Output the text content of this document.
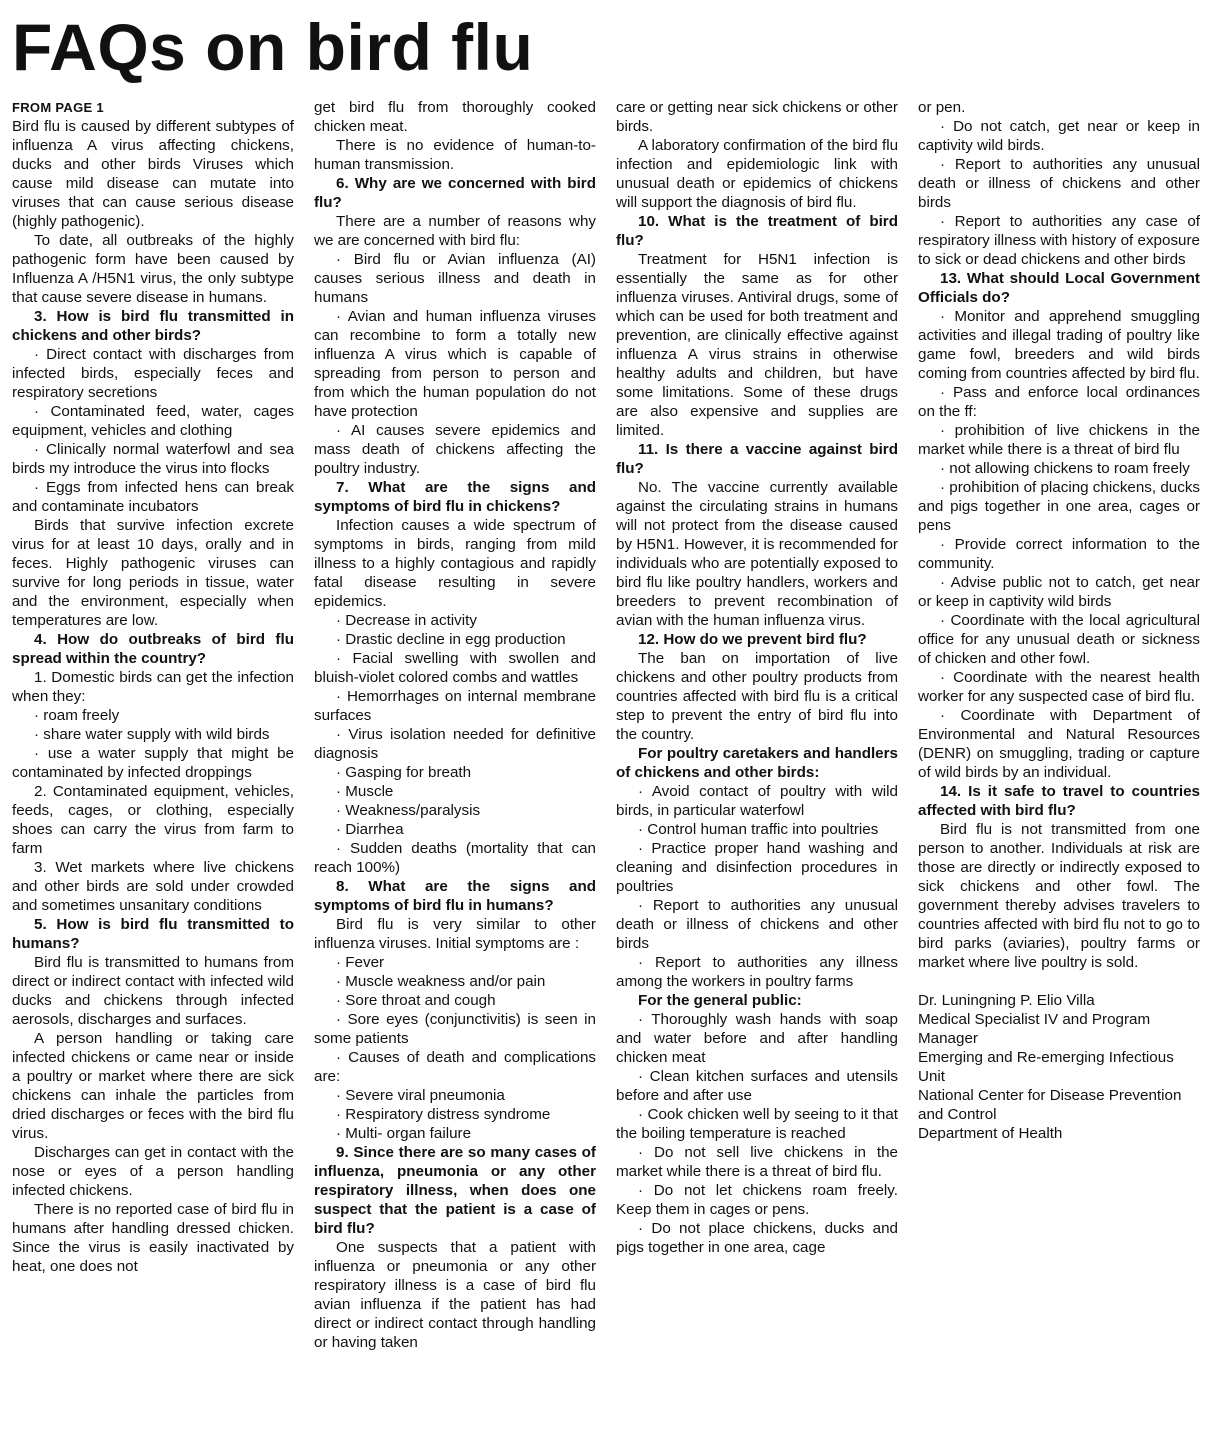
FAQs on bird flu

FROM PAGE 1

Bird flu is caused by different subtypes of influenza A virus affecting chickens, ducks and other birds Viruses which cause mild disease can mutate into viruses that can cause serious disease (highly pathogenic).

To date, all outbreaks of the highly pathogenic form have been caused by Influenza A /H5N1 virus, the only subtype that cause severe disease in humans.

3. How is bird flu transmitted in chickens and other birds?

· Direct contact with discharges from infected birds, especially feces and respiratory secretions

· Contaminated feed, water, cages equipment, vehicles and clothing

· Clinically normal waterfowl and sea birds my introduce the virus into flocks

· Eggs from infected hens can break and contaminate incubators

Birds that survive infection excrete virus for at least 10 days, orally and in feces. Highly pathogenic viruses can survive for long periods in tissue, water and the environment, especially when temperatures are low.

4. How do outbreaks of bird flu spread within the country?

1. Domestic birds can get the infection when they:

· roam freely

· share water supply with wild birds

· use a water supply that might be contaminated by infected droppings

2. Contaminated equipment, vehicles, feeds, cages, or clothing, especially shoes can carry the virus from farm to farm

3. Wet markets where live chickens and other birds are sold under crowded and sometimes unsanitary conditions

5. How is bird flu transmitted to humans?

Bird flu is transmitted to humans from direct or indirect contact with infected wild ducks and chickens through infected aerosols, discharges and surfaces.

A person handling or taking care infected chickens or came near or inside a poultry or market where there are sick chickens can inhale the particles from dried discharges or feces with the bird flu virus.

Discharges can get in contact with the nose or eyes of a person handling infected chickens.

There is no reported case of bird flu in humans after handling dressed chicken. Since the virus is easily inactivated by heat, one does not

get bird flu from thoroughly cooked chicken meat.

There is no evidence of human-to-human transmission.

6. Why are we concerned with bird flu?

There are a number of reasons why we are concerned with bird flu:

· Bird flu or Avian influenza (AI) causes serious illness and death in humans

· Avian and human influenza viruses can recombine to form a totally new influenza A virus which is capable of spreading from person to person and from which the human population do not have protection

· AI causes severe epidemics and mass death of chickens affecting the poultry industry.

7. What are the signs and symptoms of bird flu in chickens?

Infection causes a wide spectrum of symptoms in birds, ranging from mild illness to a highly contagious and rapidly fatal disease resulting in severe epidemics.

· Decrease in activity

· Drastic decline in egg production

· Facial swelling with swollen and bluish-violet colored combs and wattles

· Hemorrhages on internal membrane surfaces

· Virus isolation needed for definitive diagnosis

· Gasping for breath

· Muscle

· Weakness/paralysis

· Diarrhea

· Sudden deaths (mortality that can reach 100%)

8. What are the signs and symptoms of bird flu in humans?

Bird flu is very similar to other influenza viruses. Initial symptoms are :

· Fever

· Muscle weakness and/or pain

· Sore throat and cough

· Sore eyes (conjunctivitis) is seen in some patients

· Causes of death and complications are:

· Severe viral pneumonia

· Respiratory distress syndrome

· Multi- organ failure

9. Since there are so many cases of influenza, pneumonia or any other respiratory illness, when does one suspect that the patient is a case of bird flu?

One suspects that a patient with influenza or pneumonia or any other respiratory illness is a case of bird flu avian influenza if the patient has had direct or indirect contact through handling or having taken

care or getting near sick chickens or other birds.

A laboratory confirmation of the bird flu infection and epidemiologic link with unusual death or epidemics of chickens will support the diagnosis of bird flu.

10. What is the treatment of bird flu?

Treatment for H5N1 infection is essentially the same as for other influenza viruses. Antiviral drugs, some of which can be used for both treatment and prevention, are clinically effective against influenza A virus strains in otherwise healthy adults and children, but have some limitations. Some of these drugs are also expensive and supplies are limited.

11. Is there a vaccine against bird flu?

No. The vaccine currently available against the circulating strains in humans will not protect from the disease caused by H5N1. However, it is recommended for individuals who are potentially exposed to bird flu like poultry handlers, workers and breeders to prevent recombination of avian with the human influenza virus.

12. How do we prevent bird flu?

The ban on importation of live chickens and other poultry products from countries affected with bird flu is a critical step to prevent the entry of bird flu into the country.

For poultry caretakers and handlers of chickens and other birds:

· Avoid contact of poultry with wild birds, in particular waterfowl

· Control human traffic into poultries

· Practice proper hand washing and cleaning and disinfection procedures in poultries

· Report to authorities any unusual death or illness of chickens and other birds

· Report to authorities any illness among the workers in poultry farms

For the general public:

· Thoroughly wash hands with soap and water before and after handling chicken meat

· Clean kitchen surfaces and utensils before and after use

· Cook chicken well by seeing to it that the boiling temperature is reached

· Do not sell live chickens in the market while there is a threat of bird flu.

· Do not let chickens roam freely. Keep them in cages or pens.

· Do not place chickens, ducks and pigs together in one area, cage

or pen.

· Do not catch, get near or keep in captivity wild birds.

· Report to authorities any unusual death or illness of chickens and other birds

· Report to authorities any case of respiratory illness with history of exposure to sick or dead chickens and other birds

13. What should Local Government Officials do?

· Monitor and apprehend smuggling activities and illegal trading of poultry like game fowl, breeders and wild birds coming from countries affected by bird flu.

· Pass and enforce local ordinances on the ff:

· prohibition of live chickens in the market while there is a threat of bird flu

· not allowing chickens to roam freely

· prohibition of placing chickens, ducks and pigs together in one area, cages or pens

· Provide correct information to the community.

· Advise public not to catch, get near or keep in captivity wild birds

· Coordinate with the local agricultural office for any unusual death or sickness of chicken and other fowl.

· Coordinate with the nearest health worker for any suspected case of bird flu.

· Coordinate with Department of Environmental and Natural Resources (DENR) on smuggling, trading or capture of wild birds by an individual.

14. Is it safe to travel to countries affected with bird flu?

Bird flu is not transmitted from one person to another. Individuals at risk are those are directly or indirectly exposed to sick chickens and other fowl. The government thereby advises travelers to countries affected with bird flu not to go to bird parks (aviaries), poultry farms or market where live poultry is sold.

Dr. Luningning P. Elio Villa

Medical Specialist IV and Program Manager

Emerging and Re-emerging Infectious Unit

National Center for Disease Prevention and Control

Department of Health
